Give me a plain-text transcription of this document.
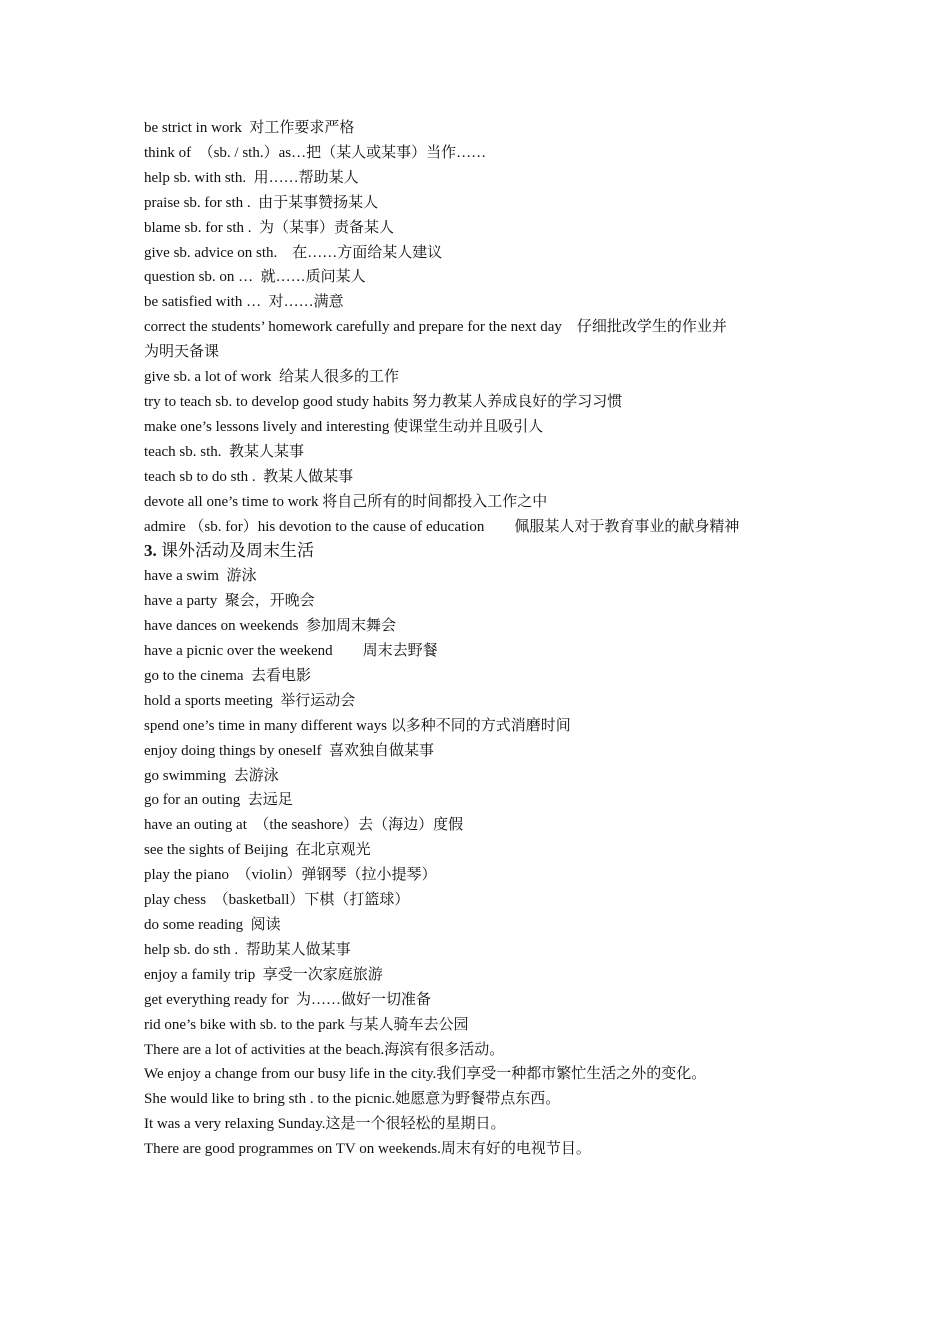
be strict in work  对工作要求严格

think of  （sb. / sth.）as…把（某人或某事）当作……

help sb. with sth.  用……帮助某人

praise sb. for sth .  由于某事赞扬某人

blame sb. for sth .  为（某事）责备某人

give sb. advice on sth.    在……方面给某人建议

question sb. on …  就……质问某人

be satisfied with …  对……满意

correct the students’ homework carefully and prepare for the next day    仔细批改学生的作业并

为明天备课

give sb. a lot of work  给某人很多的工作

try to teach sb. to develop good study habits 努力教某人养成良好的学习习惯

make one’s lessons lively and interesting 使课堂生动并且吸引人

teach sb. sth.  教某人某事

teach sb to do sth .  教某人做某事

devote all one’s time to work 将自己所有的时间都投入工作之中

admire （sb. for）his devotion to the cause of education        佩服某人对于教育事业的献身精神

3. 课外活动及周末生活

have a swim  游泳

have a party  聚会，开晚会

have dances on weekends  参加周末舞会

have a picnic over the weekend        周末去野餐

go to the cinema  去看电影

hold a sports meeting  举行运动会

spend one’s time in many different ways 以多种不同的方式消磨时间

enjoy doing things by oneself  喜欢独自做某事

go swimming  去游泳

go for an outing  去远足

have an outing at  （the seashore）去（海边）度假

see the sights of Beijing  在北京观光

play the piano  （violin）弹钢琴（拉小提琴）

play chess  （basketball）下棋（打篮球）

do some reading  阅读

help sb. do sth .  帮助某人做某事

enjoy a family trip  享受一次家庭旅游

get everything ready for  为……做好一切准备

rid one’s bike with sb. to the park 与某人骑车去公园

There are a lot of activities at the beach.海滨有很多活动。

We enjoy a change from our busy life in the city.我们享受一种都市繁忙生活之外的变化。

She would like to bring sth . to the picnic.她愿意为野餐带点东西。

It was a very relaxing Sunday.这是一个很轻松的星期日。

There are good programmes on TV on weekends.周末有好的电视节目。
